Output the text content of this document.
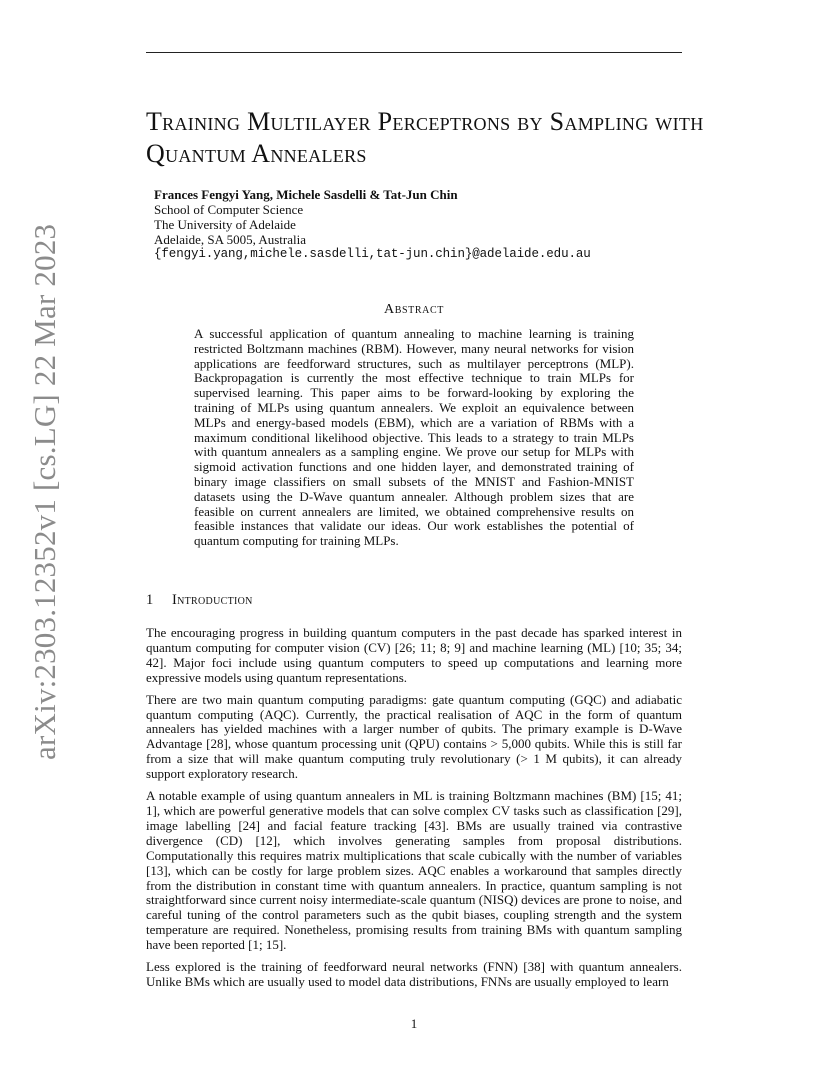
arXiv:2303.12352v1 [cs.LG] 22 Mar 2023
Training Multilayer Perceptrons by Sampling with Quantum Annealers
Frances Fengyi Yang, Michele Sasdelli & Tat-Jun Chin
School of Computer Science
The University of Adelaide
Adelaide, SA 5005, Australia
{fengyi.yang,michele.sasdelli,tat-jun.chin}@adelaide.edu.au
Abstract

A successful application of quantum annealing to machine learning is training restricted Boltzmann machines (RBM). However, many neural networks for vision applications are feedforward structures, such as multilayer perceptrons (MLP). Backpropagation is currently the most effective technique to train MLPs for supervised learning. This paper aims to be forward-looking by exploring the training of MLPs using quantum annealers. We exploit an equivalence between MLPs and energy-based models (EBM), which are a variation of RBMs with a maximum conditional likelihood objective. This leads to a strategy to train MLPs with quantum annealers as a sampling engine. We prove our setup for MLPs with sigmoid activation functions and one hidden layer, and demonstrated training of binary image classifiers on small subsets of the MNIST and Fashion-MNIST datasets using the D-Wave quantum annealer. Although problem sizes that are feasible on current annealers are limited, we obtained comprehensive results on feasible instances that validate our ideas. Our work establishes the potential of quantum computing for training MLPs.

1 Introduction

The encouraging progress in building quantum computers in the past decade has sparked interest in quantum computing for computer vision (CV) [26; 11; 8; 9] and machine learning (ML) [10; 35; 34; 42]. Major foci include using quantum computers to speed up computations and learning more expressive models using quantum representations.

There are two main quantum computing paradigms: gate quantum computing (GQC) and adiabatic quantum computing (AQC). Currently, the practical realisation of AQC in the form of quantum annealers has yielded machines with a larger number of qubits. The primary example is D-Wave Advantage [28], whose quantum processing unit (QPU) contains > 5,000 qubits. While this is still far from a size that will make quantum computing truly revolutionary (> 1 M qubits), it can already support exploratory research.

A notable example of using quantum annealers in ML is training Boltzmann machines (BM) [15; 41; 1], which are powerful generative models that can solve complex CV tasks such as classification [29], image labelling [24] and facial feature tracking [43]. BMs are usually trained via contrastive divergence (CD) [12], which involves generating samples from proposal distributions. Computationally this requires matrix multiplications that scale cubically with the number of variables [13], which can be costly for large problem sizes. AQC enables a workaround that samples directly from the distribution in constant time with quantum annealers. In practice, quantum sampling is not straightforward since current noisy intermediate-scale quantum (NISQ) devices are prone to noise, and careful tuning of the control parameters such as the qubit biases, coupling strength and the system temperature are required. Nonetheless, promising results from training BMs with quantum sampling have been reported [1; 15].

Less explored is the training of feedforward neural networks (FNN) [38] with quantum annealers. Unlike BMs which are usually used to model data distributions, FNNs are usually employed to learn

1
